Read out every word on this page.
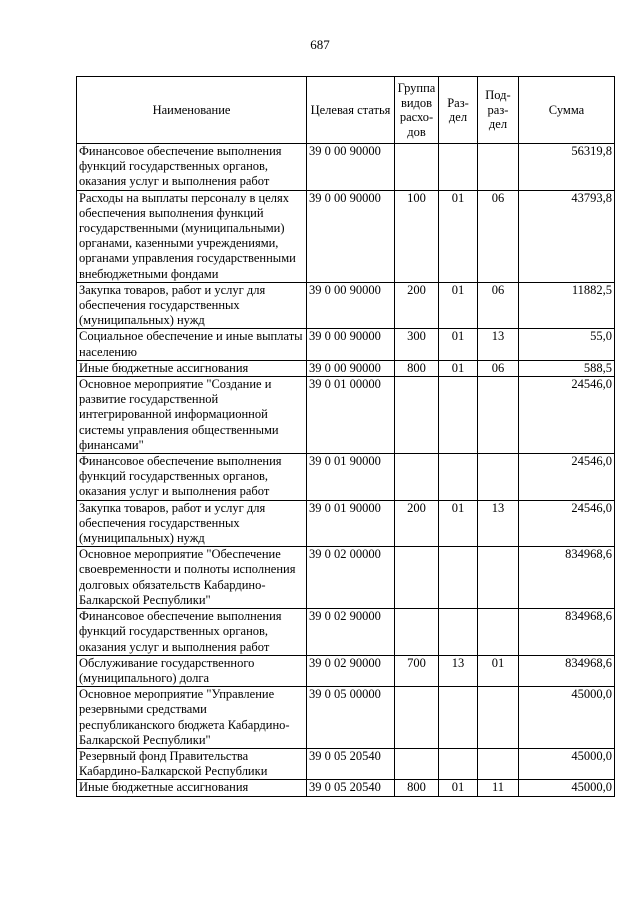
687
Наименование	Целевая статья	Группа видов расхо-дов	Раз-дел	Под-раз-дел	Сумма
Финансовое обеспечение выполнения функций государственных органов, оказания услуг и выполнения работ	39 0 00 90000				56319,8
Расходы на выплаты персоналу в целях обеспечения выполнения функций государственными (муниципальными) органами, казенными учреждениями, органами управления государственными внебюджетными фондами	39 0 00 90000	100	01	06	43793,8
Закупка товаров, работ и услуг для обеспечения государственных (муниципальных) нужд	39 0 00 90000	200	01	06	11882,5
Социальное обеспечение и иные выплаты населению	39 0 00 90000	300	01	13	55,0
Иные бюджетные ассигнования	39 0 00 90000	800	01	06	588,5
Основное мероприятие "Создание и развитие государственной интегрированной информационной системы управления общественными финансами"	39 0 01 00000				24546,0
Финансовое обеспечение выполнения функций государственных органов, оказания услуг и выполнения работ	39 0 01 90000				24546,0
Закупка товаров, работ и услуг для обеспечения государственных (муниципальных) нужд	39 0 01 90000	200	01	13	24546,0
Основное мероприятие "Обеспечение своевременности и полноты исполнения долговых обязательств Кабардино-Балкарской Республики"	39 0 02 00000				834968,6
Финансовое обеспечение выполнения функций государственных органов, оказания услуг и выполнения работ	39 0 02 90000				834968,6
Обслуживание государственного (муниципального) долга	39 0 02 90000	700	13	01	834968,6
Основное мероприятие "Управление резервными средствами республиканского бюджета Кабардино-Балкарской Республики"	39 0 05 00000				45000,0
Резервный фонд Правительства Кабардино-Балкарской Республики	39 0 05 20540				45000,0
Иные бюджетные ассигнования	39 0 05 20540	800	01	11	45000,0
